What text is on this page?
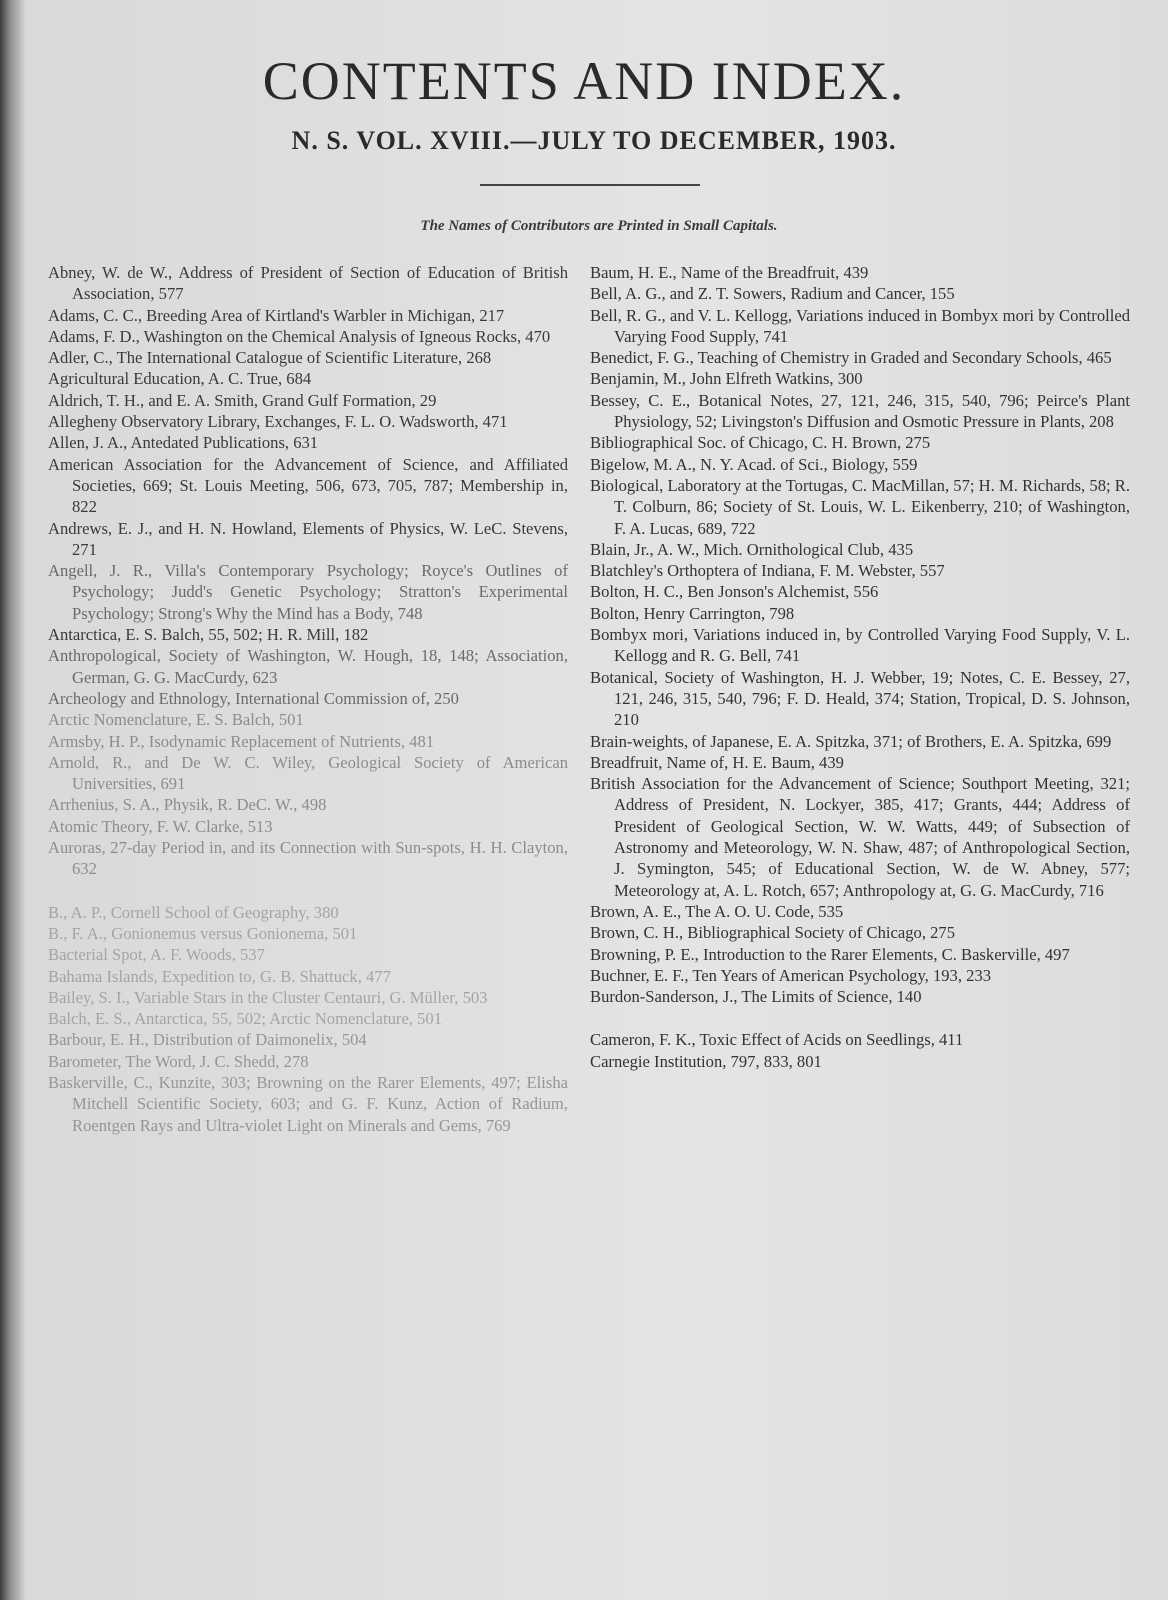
CONTENTS AND INDEX.
N. S. VOL. XVIII.—JULY TO DECEMBER, 1903.
The Names of Contributors are Printed in Small Capitals.
Abney, W. de W., Address of President of Section of Education of British Association, 577
Adams, C. C., Breeding Area of Kirtland's Warbler in Michigan, 217
Adams, F. D., Washington on the Chemical Analysis of Igneous Rocks, 470
Adler, C., The International Catalogue of Scientific Literature, 268
Agricultural Education, A. C. True, 684
Aldrich, T. H., and E. A. Smith, Grand Gulf Formation, 29
Allegheny Observatory Library, Exchanges, F. L. O. Wadsworth, 471
Allen, J. A., Antedated Publications, 631
American Association for the Advancement of Science, and Affiliated Societies, 669; St. Louis Meeting, 506, 673, 705, 787; Membership in, 822
Andrews, E. J., and H. N. Howland, Elements of Physics, W. LeC. Stevens, 271
Angell, J. R., Villa's Contemporary Psychology; Royce's Outlines of Psychology; Judd's Genetic Psychology; Stratton's Experimental Psychology; Strong's Why the Mind has a Body, 748
Antarctica, E. S. Balch, 55, 502; H. R. Mill, 182
Anthropological, Society of Washington, W. Hough, 18, 148; Association, German, G. G. MacCurdy, 623
Archeology and Ethnology, International Commission of, 250
Arctic Nomenclature, E. S. Balch, 501
Armsby, H. P., Isodynamic Replacement of Nutrients, 481
Arnold, R., and De W. C. Wiley, Geological Society of American Universities, 691
Arrhenius, S. A., Physik, R. DeC. W., 498
Atomic Theory, F. W. Clarke, 513
Auroras, 27-day Period in, and its Connection with Sun-spots, H. H. Clayton, 632
B., A. P., Cornell School of Geography, 380
B., F. A., Gonionemus versus Gonionema, 501
Bacterial Spot, A. F. Woods, 537
Bahama Islands, Expedition to, G. B. Shattuck, 477
Bailey, S. I., Variable Stars in the Cluster Centauri, G. Müller, 503
Balch, E. S., Antarctica, 55, 502; Arctic Nomenclature, 501
Barbour, E. H., Distribution of Daimonelix, 504
Barometer, The Word, J. C. Shedd, 278
Baskerville, C., Kunzite, 303; Browning on the Rarer Elements, 497; Elisha Mitchell Scientific Society, 603; and G. F. Kunz, Action of Radium, Roentgen Rays and Ultra-violet Light on Minerals and Gems, 769
Baum, H. E., Name of the Breadfruit, 439
Bell, A. G., and Z. T. Sowers, Radium and Cancer, 155
Bell, R. G., and V. L. Kellogg, Variations induced in Bombyx mori by Controlled Varying Food Supply, 741
Benedict, F. G., Teaching of Chemistry in Graded and Secondary Schools, 465
Benjamin, M., John Elfreth Watkins, 300
Bessey, C. E., Botanical Notes, 27, 121, 246, 315, 540, 796; Peirce's Plant Physiology, 52; Livingston's Diffusion and Osmotic Pressure in Plants, 208
Bibliographical Soc. of Chicago, C. H. Brown, 275
Bigelow, M. A., N. Y. Acad. of Sci., Biology, 559
Biological, Laboratory at the Tortugas, C. MacMillan, 57; H. M. Richards, 58; R. T. Colburn, 86; Society of St. Louis, W. L. Eikenberry, 210; of Washington, F. A. Lucas, 689, 722
Blain, Jr., A. W., Mich. Ornithological Club, 435
Blatchley's Orthoptera of Indiana, F. M. Webster, 557
Bolton, H. C., Ben Jonson's Alchemist, 556
Bolton, Henry Carrington, 798
Bombyx mori, Variations induced in, by Controlled Varying Food Supply, V. L. Kellogg and R. G. Bell, 741
Botanical, Society of Washington, H. J. Webber, 19; Notes, C. E. Bessey, 27, 121, 246, 315, 540, 796; F. D. Heald, 374; Station, Tropical, D. S. Johnson, 210
Brain-weights, of Japanese, E. A. Spitzka, 371; of Brothers, E. A. Spitzka, 699
Breadfruit, Name of, H. E. Baum, 439
British Association for the Advancement of Science; Southport Meeting, 321; Address of President, N. Lockyer, 385, 417; Grants, 444; Address of President of Geological Section, W. W. Watts, 449; of Subsection of Astronomy and Meteorology, W. N. Shaw, 487; of Anthropological Section, J. Symington, 545; of Educational Section, W. de W. Abney, 577; Meteorology at, A. L. Rotch, 657; Anthropology at, G. G. MacCurdy, 716
Brown, A. E., The A. O. U. Code, 535
Brown, C. H., Bibliographical Society of Chicago, 275
Browning, P. E., Introduction to the Rarer Elements, C. Baskerville, 497
Buchner, E. F., Ten Years of American Psychology, 193, 233
Burdon-Sanderson, J., The Limits of Science, 140
Cameron, F. K., Toxic Effect of Acids on Seedlings, 411
Carnegie Institution, 797, 833, 801
